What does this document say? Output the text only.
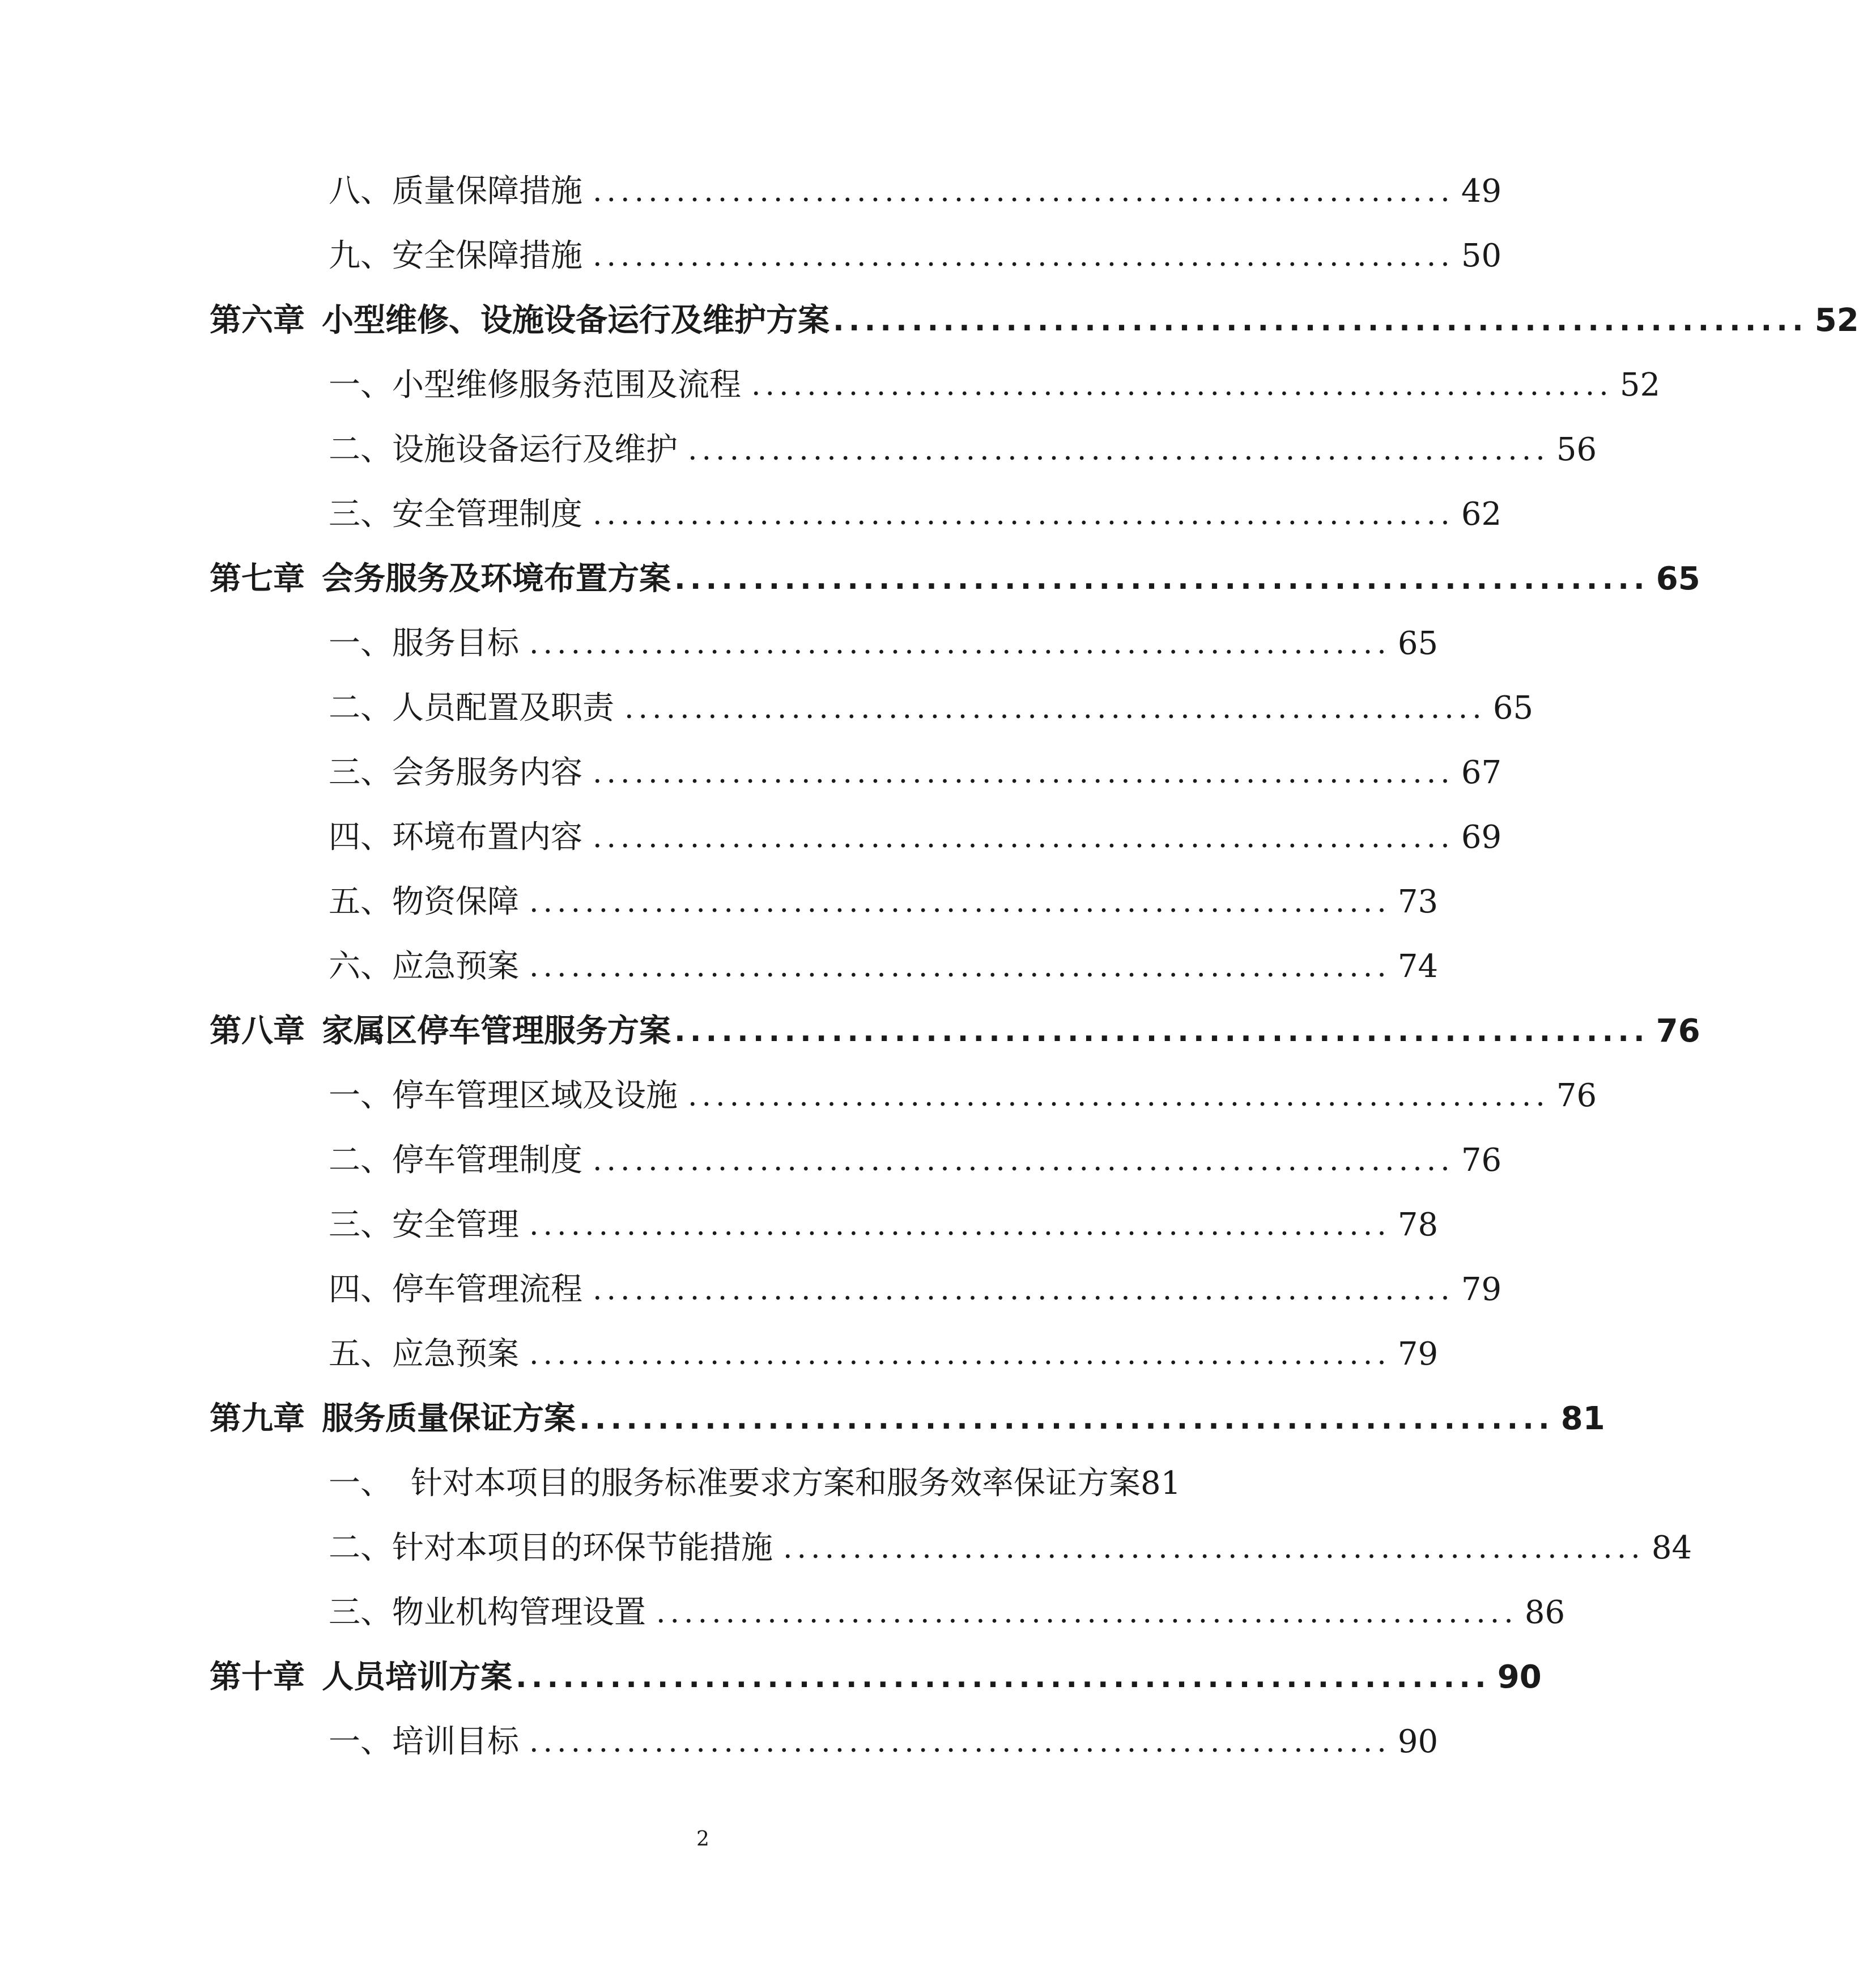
八、 质量保障措施 .............................................................. 49
九、 安全保障措施 .............................................................. 50
第六章 小型维修、设施设备运行及维护方案 .............................................................. 52
一、 小型维修服务范围及流程 .............................................................. 52
二、 设施设备运行及维护 .............................................................. 56
三、 安全管理制度 .............................................................. 62
第七章 会务服务及环境布置方案 .............................................................. 65
一、 服务目标 .............................................................. 65
二、 人员配置及职责 .............................................................. 65
三、 会务服务内容 .............................................................. 67
四、 环境布置内容 .............................................................. 69
五、 物资保障 .............................................................. 73
六、 应急预案 .............................................................. 74
第八章 家属区停车管理服务方案 .............................................................. 76
一、 停车管理区域及设施 .............................................................. 76
二、 停车管理制度 .............................................................. 76
三、 安全管理 .............................................................. 78
四、 停车管理流程 .............................................................. 79
五、 应急预案 .............................................................. 79
第九章 服务质量保证方案 .............................................................. 81
一、 针对本项目的服务标准要求方案和服务效率保证方案 81
二、 针对本项目的环保节能措施 .............................................................. 84
三、 物业机构管理设置 .............................................................. 86
第十章 人员培训方案 .............................................................. 90
一、 培训目标 .............................................................. 90
2
